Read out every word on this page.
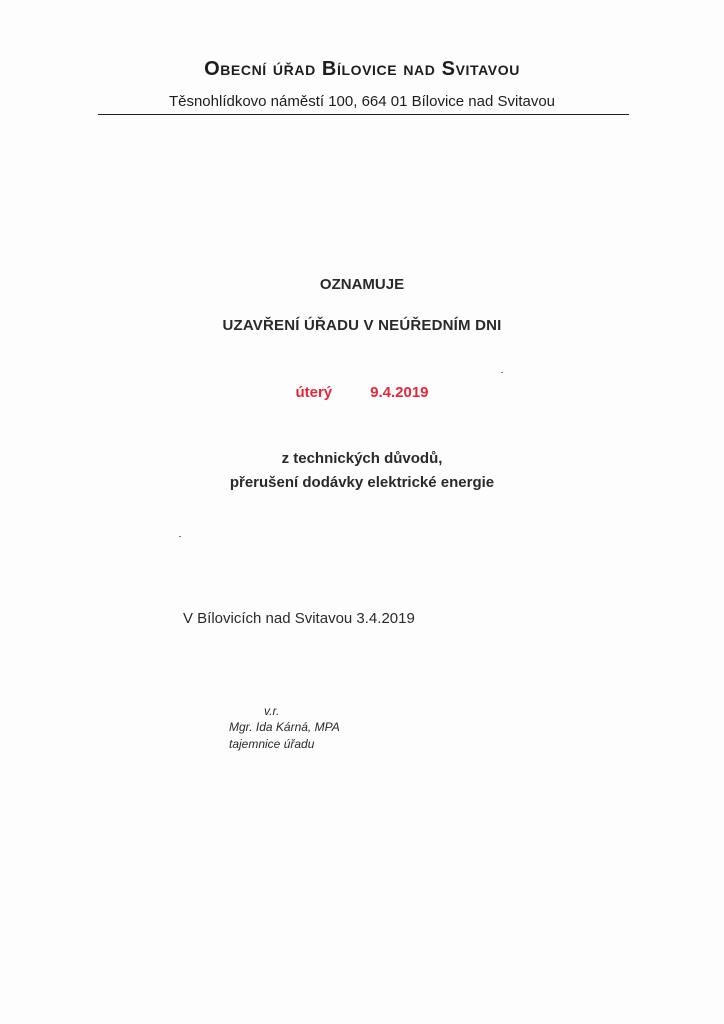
Obecní úřad Bílovice nad Svitavou
Těsnohlídkovo náměstí 100, 664 01 Bílovice nad Svitavou
OZNAMUJE
UZAVŘENÍ ÚŘADU V NEÚŘEDNÍM DNI
úterý	9.4.2019
z technických důvodů,
přerušení dodávky elektrické energie
V Bílovicích nad Svitavou 3.4.2019
v.r.
Mgr. Ida Kárná, MPA
tajemnice úřadu
